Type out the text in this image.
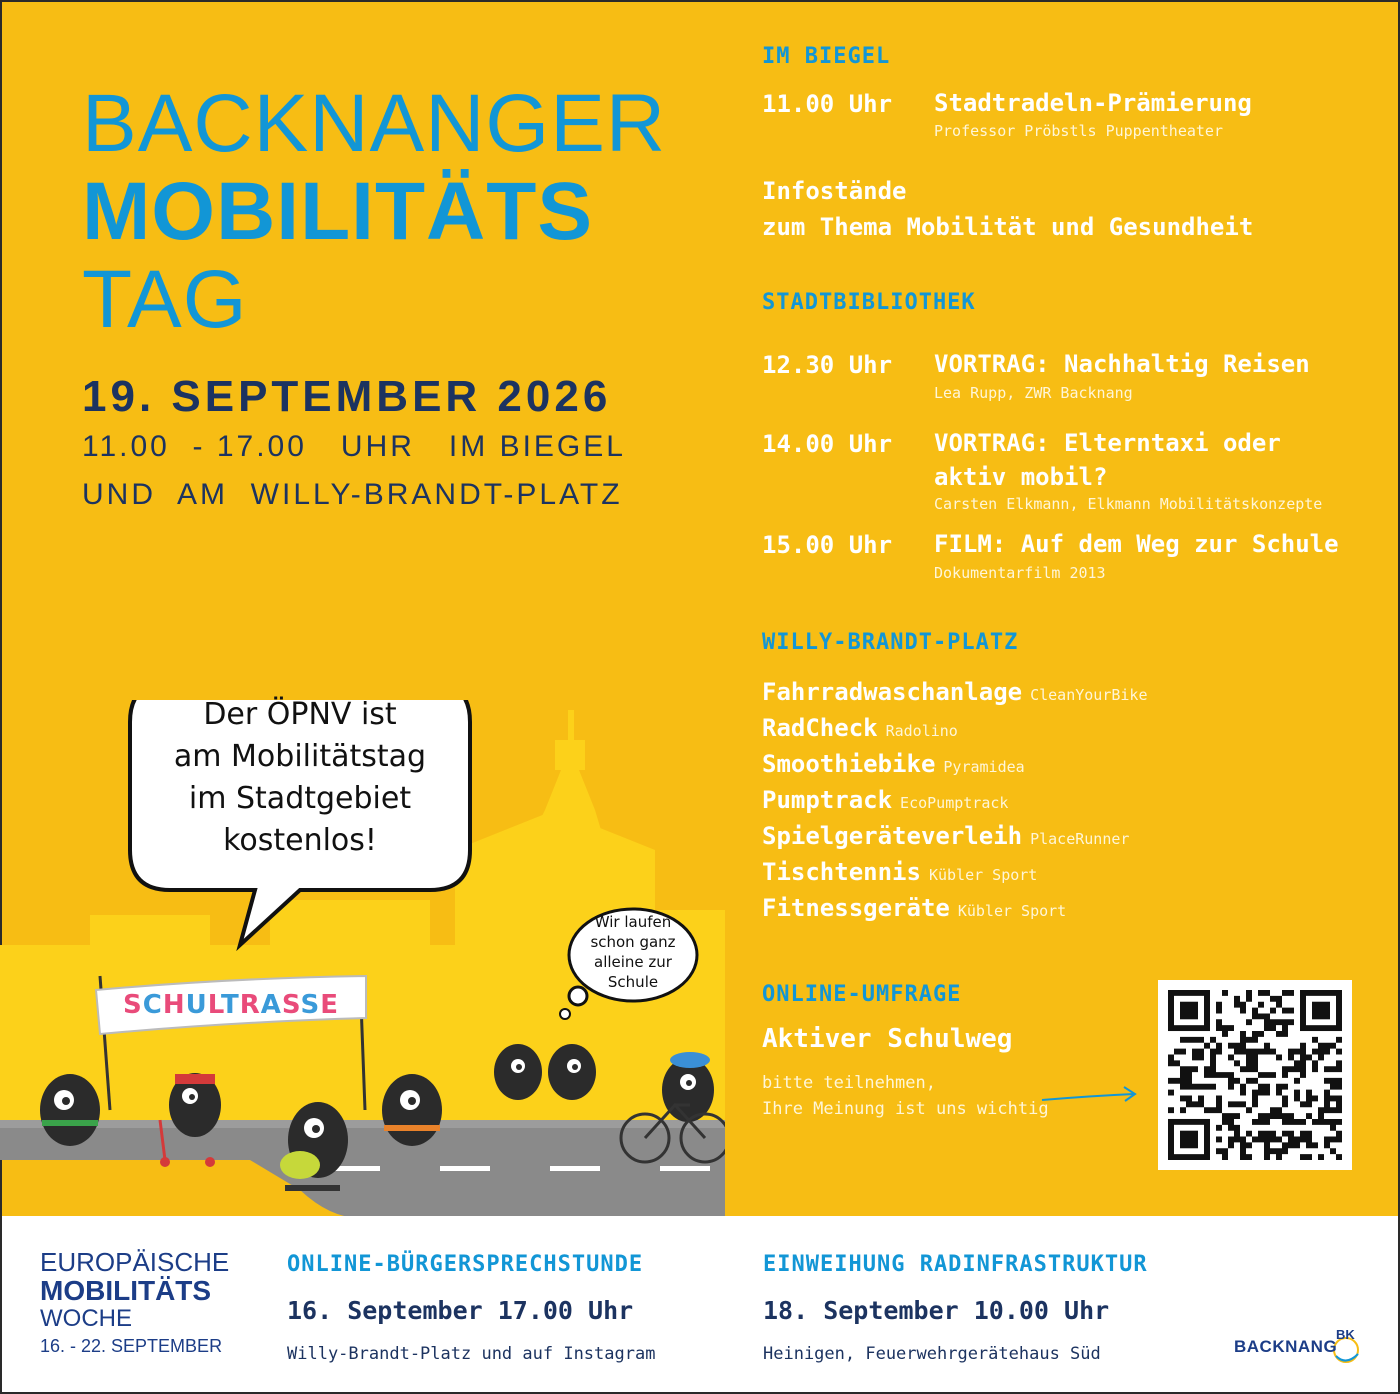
BACKNANGER
MOBILITÄTS
TAG
19. SEPTEMBER 2026
11.00  - 17.00   UHR   IM BIEGEL
UND  AM  WILLY-BRANDT-PLATZ
Der ÖPNV ist
am Mobilitätstag
im Stadtgebiet
kostenlos!
Wir laufen
schon ganz
alleine zur
Schule
SCHULTRASSE
IM BIEGEL
11.00 Uhr Stadtradeln-Prämierung
Professor Pröbstls Puppentheater
Infostände
zum Thema Mobilität und Gesundheit
STADTBIBLIOTHEK
12.30 Uhr VORTRAG: Nachhaltig Reisen
Lea Rupp, ZWR Backnang
14.00 Uhr VORTRAG: Elterntaxi oder
aktiv mobil?
Carsten Elkmann, Elkmann Mobilitätskonzepte
15.00 Uhr FILM: Auf dem Weg zur Schule
Dokumentarfilm 2013
WILLY-BRANDT-PLATZ
Fahrradwaschanlage CleanYourBike
RadCheck Radolino
Smoothiebike Pyramidea
Pumptrack EcoPumptrack
Spielgeräteverleih PlaceRunner
Tischtennis Kübler Sport
Fitnessgeräte Kübler Sport
ONLINE-UMFRAGE
Aktiver Schulweg
bitte teilnehmen,
Ihre Meinung ist uns wichtig
EUROPÄISCHE
MOBILITÄTS
WOCHE
16. - 22. SEPTEMBER
ONLINE-BÜRGERSPRECHSTUNDE
16. September 17.00 Uhr
Willy-Brandt-Platz und auf Instagram
EINWEIHUNG RADINFRASTRUKTUR
18. September 10.00 Uhr
Heinigen, Feuerwehrgerätehaus Süd	BACKNANG
BK
